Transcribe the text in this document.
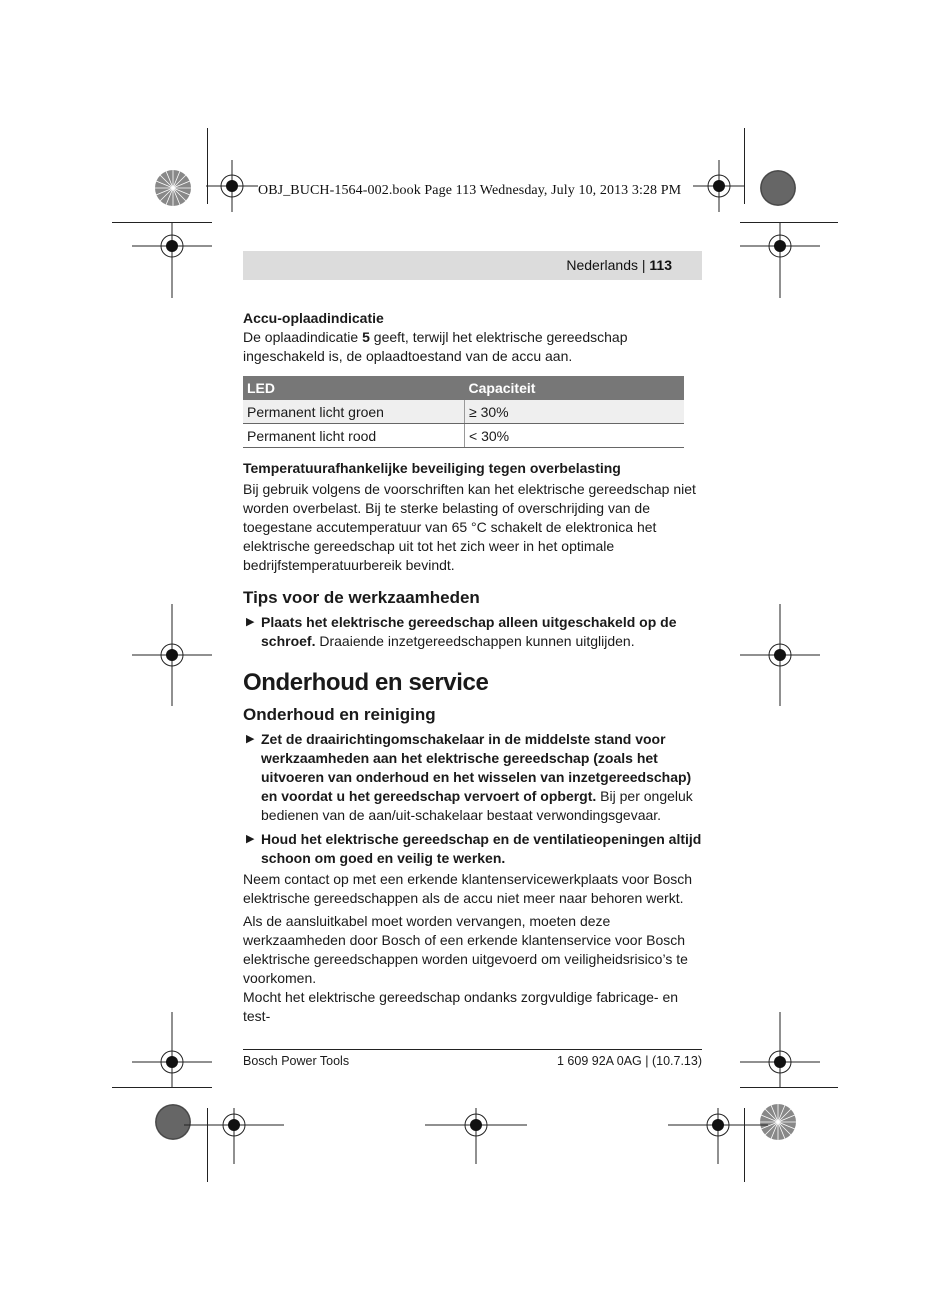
OBJ_BUCH-1564-002.book Page 113 Wednesday, July 10, 2013 3:28 PM
Nederlands | 113
Accu-oplaadindicatie

De oplaadindicatie 5 geeft, terwijl het elektrische gereedschap ingeschakeld is, de oplaadtoestand van de accu aan.

LED	Capaciteit
Permanent licht groen	≥ 30%
Permanent licht rood	< 30%
Temperatuurafhankelijke beveiliging tegen overbelasting

Bij gebruik volgens de voorschriften kan het elektrische gereedschap niet worden overbelast. Bij te sterke belasting of overschrijding van de toegestane accutemperatuur van 65 °C schakelt de elektronica het elektrische gereedschap uit tot het zich weer in het optimale bedrijfstemperatuurbereik bevindt.

Tips voor de werkzaamheden
▶ Plaats het elektrische gereedschap alleen uitgeschakeld op de schroef. Draaiende inzetgereedschappen kunnen uitglijden.
Onderhoud en service
Onderhoud en reiniging
▶ Zet de draairichtingomschakelaar in de middelste stand voor werkzaamheden aan het elektrische gereedschap (zoals het uitvoeren van onderhoud en het wisselen van inzetgereedschap) en voordat u het gereedschap vervoert of opbergt. Bij per ongeluk bedienen van de aan/uit-schakelaar bestaat verwondingsgevaar.
▶ Houd het elektrische gereedschap en de ventilatieopeningen altijd schoon om goed en veilig te werken.

Neem contact op met een erkende klantenservicewerkplaats voor Bosch elektrische gereedschappen als de accu niet meer naar behoren werkt.

Als de aansluitkabel moet worden vervangen, moeten deze werkzaamheden door Bosch of een erkende klantenservice voor Bosch elektrische gereedschappen worden uitgevoerd om veiligheidsrisico’s te voorkomen.

Mocht het elektrische gereedschap ondanks zorgvuldige fabricage- en test-

Bosch Power Tools	1 609 92A 0AG | (10.7.13)
